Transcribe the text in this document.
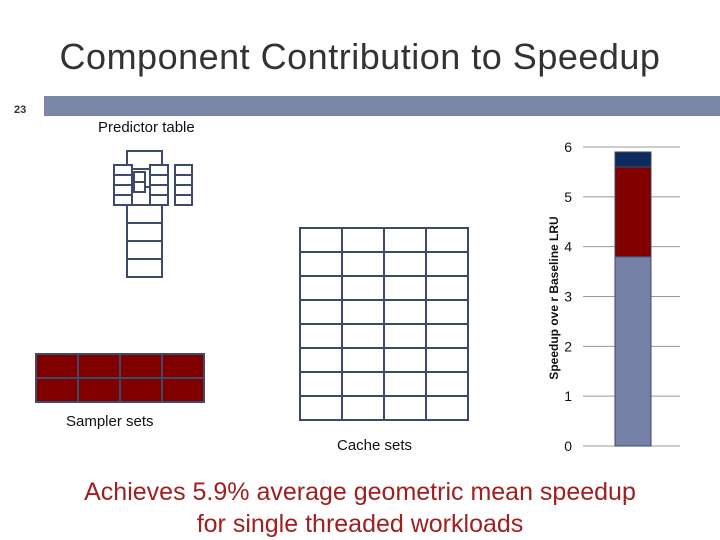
Component Contribution to Speedup
23
Predictor table
Sampler sets
Cache sets	0
1
2
3
4
5
6
Speedup ove r Baseline LRU
Achieves 5.9% average geometric mean speedup
for single threaded workloads
